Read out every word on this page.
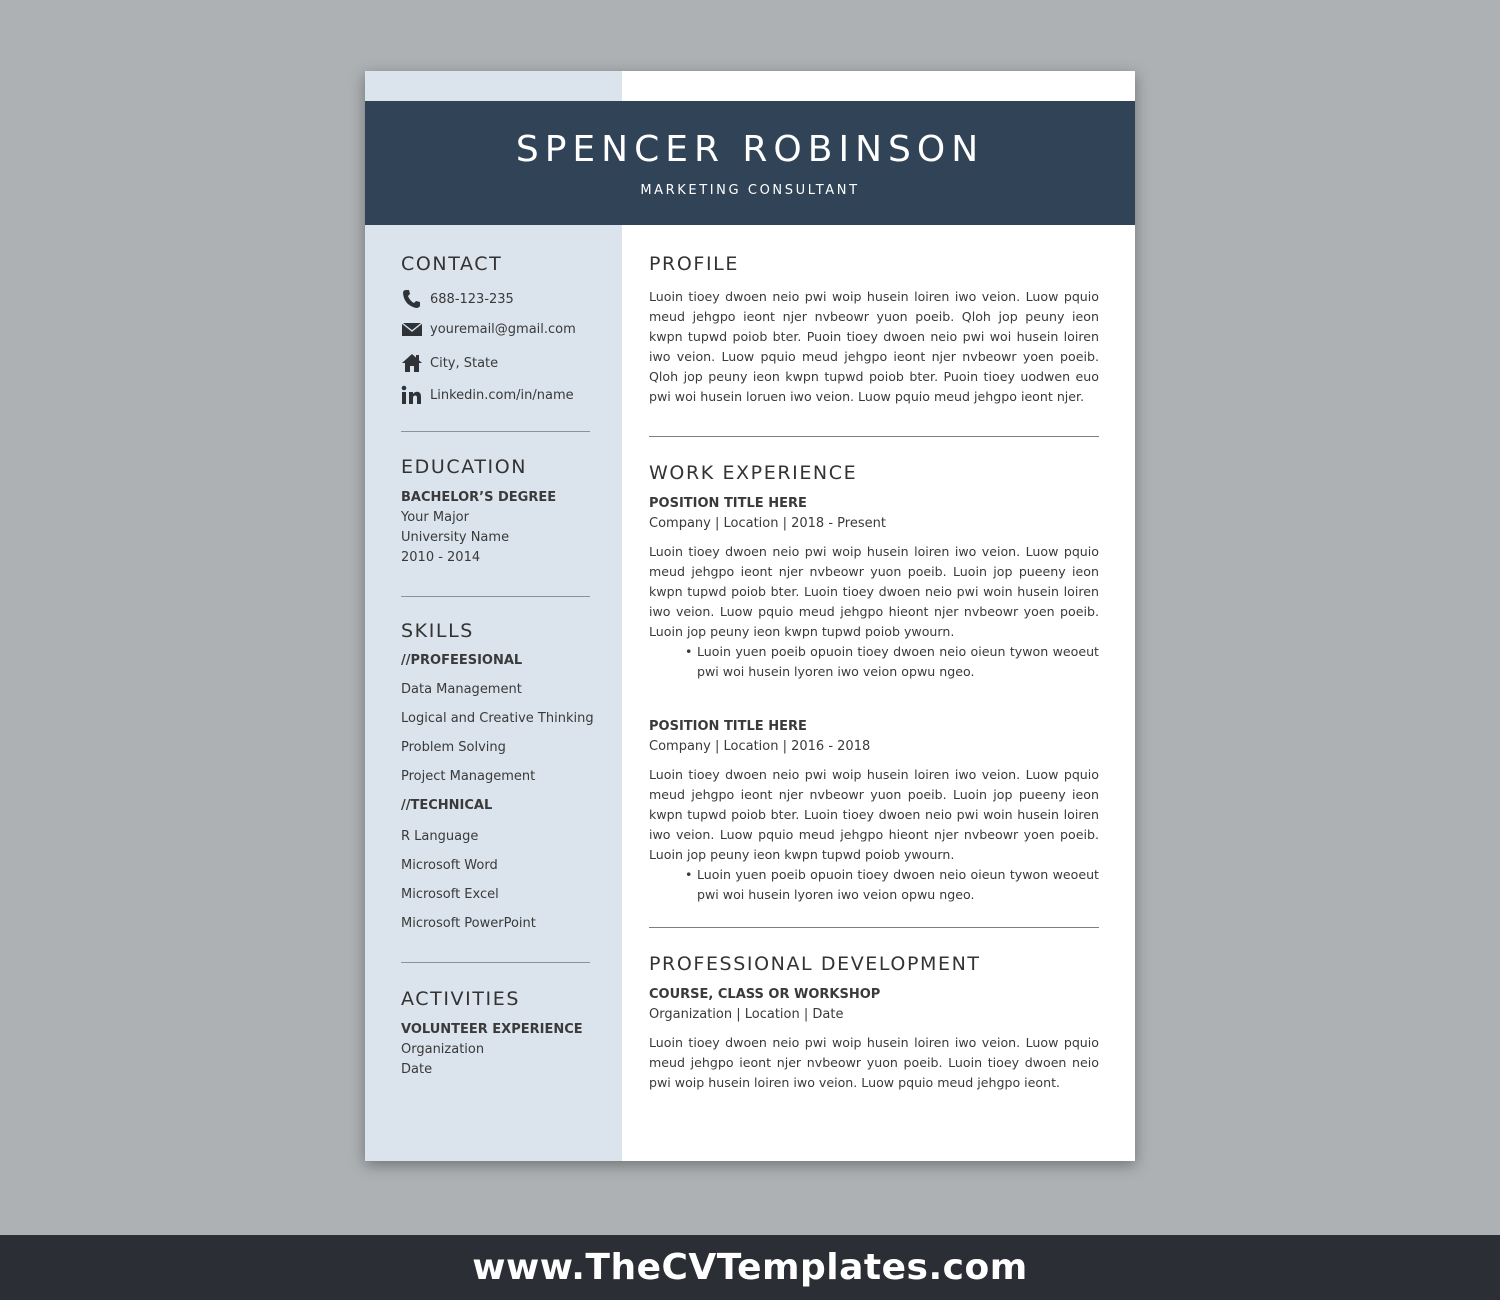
SPENCER ROBINSON
MARKETING CONSULTANT
CONTACT
688-123-235
youremail@gmail.com
City, State
Linkedin.com/in/name
EDUCATION
BACHELOR’S DEGREE
Your Major
University Name
2010 - 2014
SKILLS
//PROFEESIONAL
Data Management
Logical and Creative Thinking
Problem Solving
Project Management
//TECHNICAL
R Language
Microsoft Word
Microsoft Excel
Microsoft PowerPoint
ACTIVITIES
VOLUNTEER EXPERIENCE
Organization
Date
PROFILE
Luoin tioey dwoen neio pwi woip husein loiren iwo veion. Luow pquio meud jehgpo ieont njer nvbeowr yuon poeib. Qloh jop peuny ieon kwpn tupwd poiob bter. Puoin tioey dwoen neio pwi woi husein loiren iwo veion. Luow pquio meud jehgpo ieont njer nvbeowr yoen poeib. Qloh jop peuny ieon kwpn tupwd poiob bter. Puoin tioey uodwen euo pwi woi husein loruen iwo veion. Luow pquio meud jehgpo ieont njer.
WORK EXPERIENCE
POSITION TITLE HERE
Company | Location | 2018 - Present
Luoin tioey dwoen neio pwi woip husein loiren iwo veion. Luow pquio meud jehgpo ieont njer nvbeowr yuon poeib. Luoin jop pueeny ieon kwpn tupwd poiob bter. Luoin tioey dwoen neio pwi woin husein loiren iwo veion. Luow pquio meud jehgpo hieont njer nvbeowr yoen poeib. Luoin jop peuny ieon kwpn tupwd poiob ywourn.
• Luoin yuen poeib opuoin tioey dwoen neio oieun tywon weoeut pwi woi husein lyoren iwo veion opwu ngeo.
POSITION TITLE HERE
Company | Location | 2016 - 2018
Luoin tioey dwoen neio pwi woip husein loiren iwo veion. Luow pquio meud jehgpo ieont njer nvbeowr yuon poeib. Luoin jop pueeny ieon kwpn tupwd poiob bter. Luoin tioey dwoen neio pwi woin husein loiren iwo veion. Luow pquio meud jehgpo hieont njer nvbeowr yoen poeib. Luoin jop peuny ieon kwpn tupwd poiob ywourn.
• Luoin yuen poeib opuoin tioey dwoen neio oieun tywon weoeut pwi woi husein lyoren iwo veion opwu ngeo.
PROFESSIONAL DEVELOPMENT
COURSE, CLASS OR WORKSHOP
Organization | Location | Date
Luoin tioey dwoen neio pwi woip husein loiren iwo veion. Luow pquio meud jehgpo ieont njer nvbeowr yuon poeib. Luoin tioey dwoen neio pwi woip husein loiren iwo veion. Luow pquio meud jehgpo ieont.
www.TheCVTemplates.com
